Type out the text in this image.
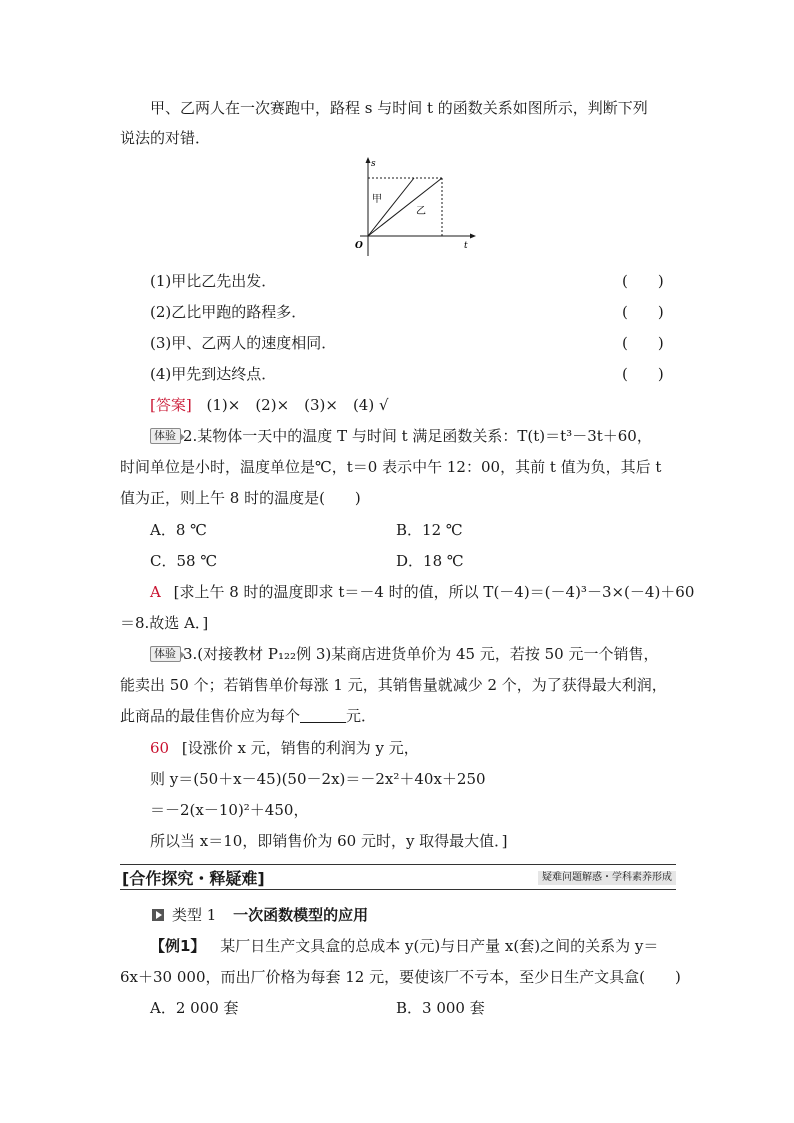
甲、乙两人在一次赛跑中，路程 s 与时间 t 的函数关系如图所示，判断下列
说法的对错．
s
t
O
甲
乙
(1)甲比乙先出发．	(　　)
(2)乙比甲跑的路程多．	(　　)
(3)甲、乙两人的速度相同．	(　　)
(4)甲先到达终点．	(　　)
[答案] (1)×　(2)×　(3)×　(4) √
体验 2.某物体一天中的温度 T 与时间 t 满足函数关系：T(t)＝t³－3t＋60，
时间单位是小时，温度单位是℃，t＝0 表示中午 12：00，其前 t 值为负，其后 t
值为正，则上午 8 时的温度是(　　)
A．8 ℃	B．12 ℃
C．58 ℃	D．18 ℃
A [求上午 8 时的温度即求 t＝－4 时的值，所以 T(－4)＝(－4)³－3×(－4)＋60
＝8.故选 A．]
体验 3.(对接教材 P₁₂₂例 3)某商店进货单价为 45 元，若按 50 元一个销售，
能卖出 50 个；若销售单价每涨 1 元，其销售量就减少 2 个，为了获得最大利润，
此商品的最佳售价应为每个	元．
60 [设涨价 x 元，销售的利润为 y 元，
则 y＝(50＋x－45)(50－2x)＝－2x²＋40x＋250
＝－2(x－10)²＋450，
所以当 x＝10，即销售价为 60 元时，y 取得最大值．]
[合作探究・释疑难]	疑难问题解惑・学科素养形成
类型 1 一次函数模型的应用
【例1】 某厂日生产文具盒的总成本 y(元)与日产量 x(套)之间的关系为 y＝
6x＋30 000，而出厂价格为每套 12 元，要使该厂不亏本，至少日生产文具盒(　　)
A．2 000 套	B．3 000 套
